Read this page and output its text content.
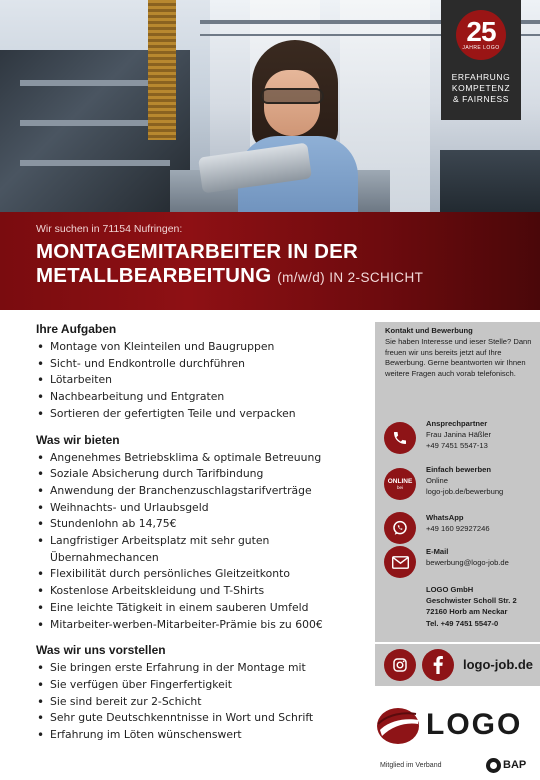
25
JAHRE LOGO
ERFAHRUNG
KOMPETENZ
& FAIRNESS
Wir suchen in 71154 Nufringen:
MONTAGEMITARBEITER IN DER
METALLBEARBEITUNG (m/w/d) IN 2-SCHICHT
Ihre Aufgaben
• Montage von Kleinteilen und Baugruppen
• Sicht- und Endkontrolle durchführen
• Lötarbeiten
• Nachbearbeitung und Entgraten
• Sortieren der gefertigten Teile und verpacken
Was wir bieten
• Angenehmes Betriebsklima & optimale Betreuung
• Soziale Absicherung durch Tarifbindung
• Anwendung der Branchenzuschlagstarifverträge
• Weihnachts- und Urlaubsgeld
• Stundenlohn ab 14,75€
• Langfristiger Arbeitsplatz mit sehr guten Übernahmechancen
• Flexibilität durch persönliches Gleitzeitkonto
• Kostenlose Arbeitskleidung und T-Shirts
• Eine leichte Tätigkeit in einem sauberen Umfeld
• Mitarbeiter-werben-Mitarbeiter-Prämie bis zu 600€
Was wir uns vorstellen
• Sie bringen erste Erfahrung in der Montage mit
• Sie verfügen über Fingerfertigkeit
• Sie sind bereit zur 2-Schicht
• Sehr gute Deutschkenntnisse in Wort und Schrift
• Erfahrung im Löten wünschenswert
Kontakt und Bewerbung
Sie haben Interesse und ieser Stelle? Dann freuen wir uns bereits jetzt auf Ihre Bewerbung. Gerne beantworten wir Ihnen weitere Fragen auch vorab telefonisch.
Ansprechpartner
Frau Janina Häßler
+49 7451 5547-13
ONLINE
bei
Einfach bewerben
Online
logo-job.de/bewerbung
WhatsApp
+49 160 92927246
E-Mail
bewerbung@logo-job.de
LOGO GmbH
Geschwister Scholl Str. 2
72160 Horb am Neckar
Tel. +49 7451 5547-0
logo-job.de
LOGO
Mitglied im Verband	BAP
